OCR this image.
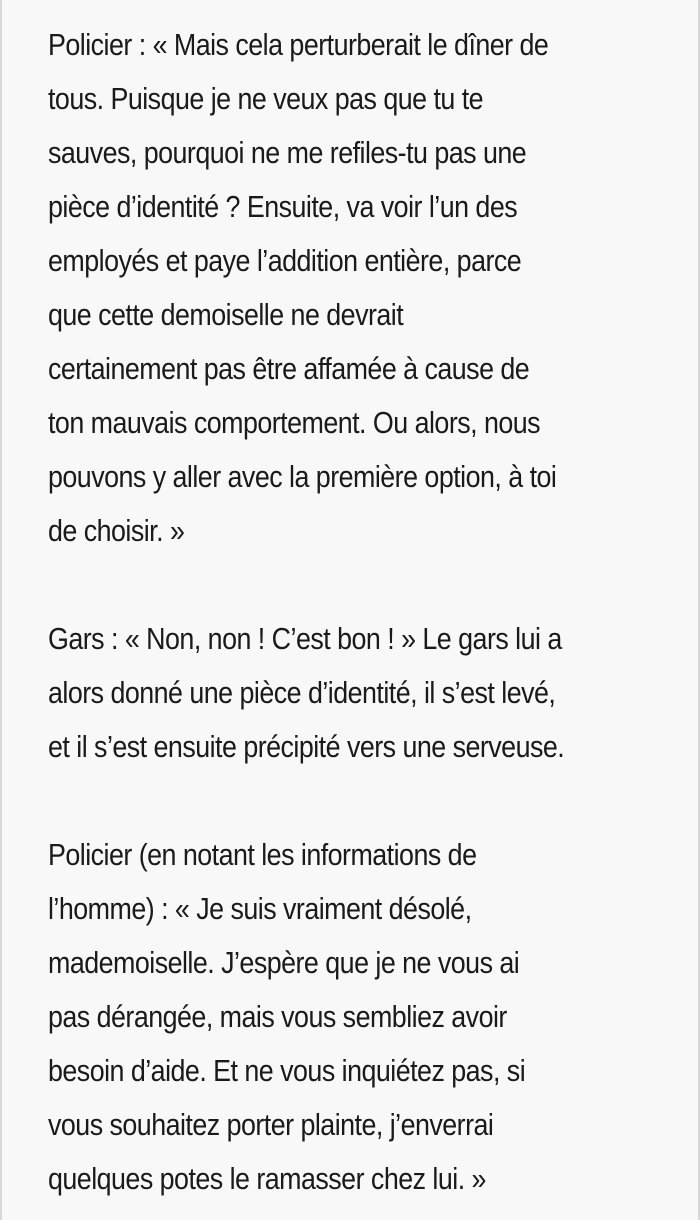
Policier : « Mais cela perturberait le dîner de
tous. Puisque je ne veux pas que tu te
sauves, pourquoi ne me refiles-tu pas une
pièce d’identité ? Ensuite, va voir l’un des
employés et paye l’addition entière, parce
que cette demoiselle ne devrait
certainement pas être affamée à cause de
ton mauvais comportement. Ou alors, nous
pouvons y aller avec la première option, à toi
de choisir. »

Gars : « Non, non ! C’est bon ! » Le gars lui a
alors donné une pièce d’identité, il s’est levé,
et il s’est ensuite précipité vers une serveuse.

Policier (en notant les informations de
l’homme) : « Je suis vraiment désolé,
mademoiselle. J’espère que je ne vous ai
pas dérangée, mais vous sembliez avoir
besoin d’aide. Et ne vous inquiétez pas, si
vous souhaitez porter plainte, j’enverrai
quelques potes le ramasser chez lui. »
